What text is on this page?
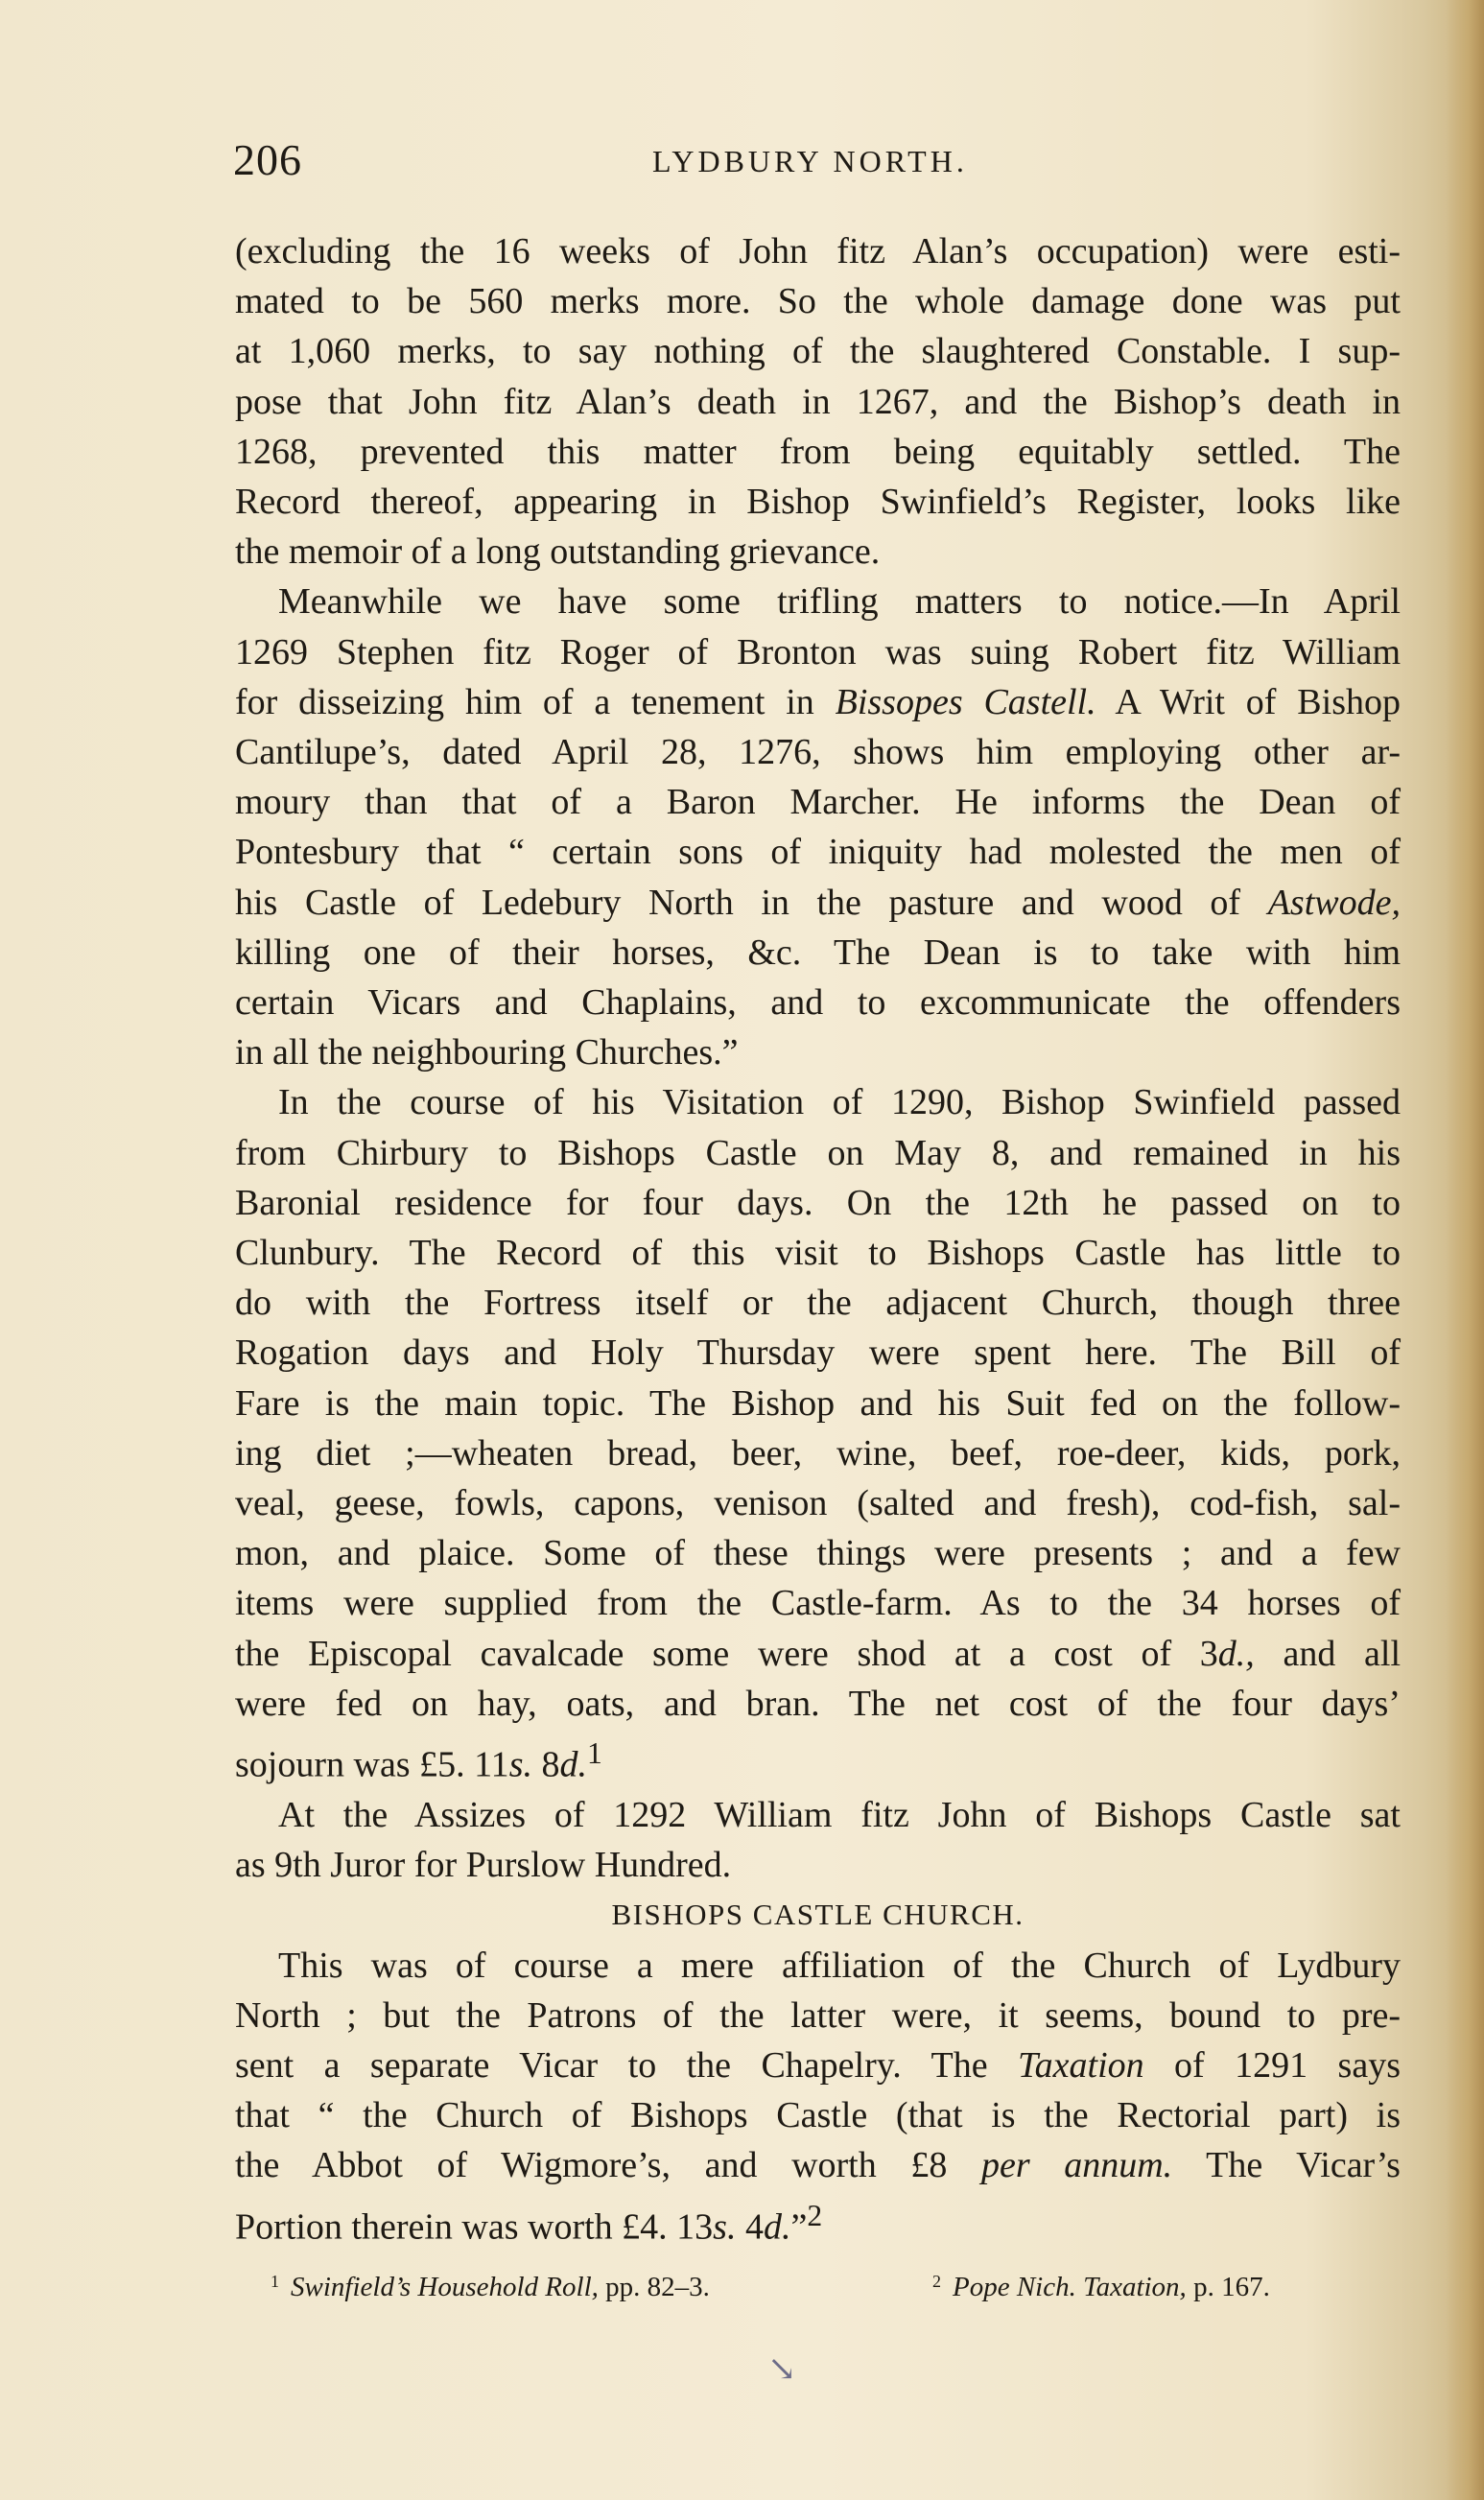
206	LYDBURY NORTH.
(excluding the 16 weeks of John fitz Alan’s occupation) were esti-
mated to be 560 merks more. So the whole damage done was put
at 1,060 merks, to say nothing of the slaughtered Constable. I sup-
pose that John fitz Alan’s death in 1267, and the Bishop’s death in
1268, prevented this matter from being equitably settled. The
Record thereof, appearing in Bishop Swinfield’s Register, looks like
the memoir of a long outstanding grievance.
Meanwhile we have some trifling matters to notice.—In April
1269 Stephen fitz Roger of Bronton was suing Robert fitz William
for disseizing him of a tenement in Bissopes Castell. A Writ of Bishop
Cantilupe’s, dated April 28, 1276, shows him employing other ar-
moury than that of a Baron Marcher. He informs the Dean of
Pontesbury that “ certain sons of iniquity had molested the men of
his Castle of Ledebury North in the pasture and wood of Astwode,
killing one of their horses, &c. The Dean is to take with him
certain Vicars and Chaplains, and to excommunicate the offenders
in all the neighbouring Churches.”
In the course of his Visitation of 1290, Bishop Swinfield passed
from Chirbury to Bishops Castle on May 8, and remained in his
Baronial residence for four days. On the 12th he passed on to
Clunbury. The Record of this visit to Bishops Castle has little to
do with the Fortress itself or the adjacent Church, though three
Rogation days and Holy Thursday were spent here. The Bill of
Fare is the main topic. The Bishop and his Suit fed on the follow-
ing diet ;—wheaten bread, beer, wine, beef, roe-deer, kids, pork,
veal, geese, fowls, capons, venison (salted and fresh), cod-fish, sal-
mon, and plaice. Some of these things were presents ; and a few
items were supplied from the Castle-farm. As to the 34 horses of
the Episcopal cavalcade some were shod at a cost of 3d., and all
were fed on hay, oats, and bran. The net cost of the four days’
sojourn was £5. 11s. 8d.$^1$
At the Assizes of 1292 William fitz John of Bishops Castle sat
as 9th Juror for Purslow Hundred.
BISHOPS CASTLE CHURCH.
This was of course a mere affiliation of the Church of Lydbury
North ; but the Patrons of the latter were, it seems, bound to pre-
sent a separate Vicar to the Chapelry. The Taxation of 1291 says
that “ the Church of Bishops Castle (that is the Rectorial part) is
the Abbot of Wigmore’s, and worth £8 per annum. The Vicar’s
Portion therein was worth £4. 13s. 4d.”$^2$
$^1$ Swinfield’s Household Roll, pp. 82–3.	$^2$ Pope Nich. Taxation, p. 167.
↘
